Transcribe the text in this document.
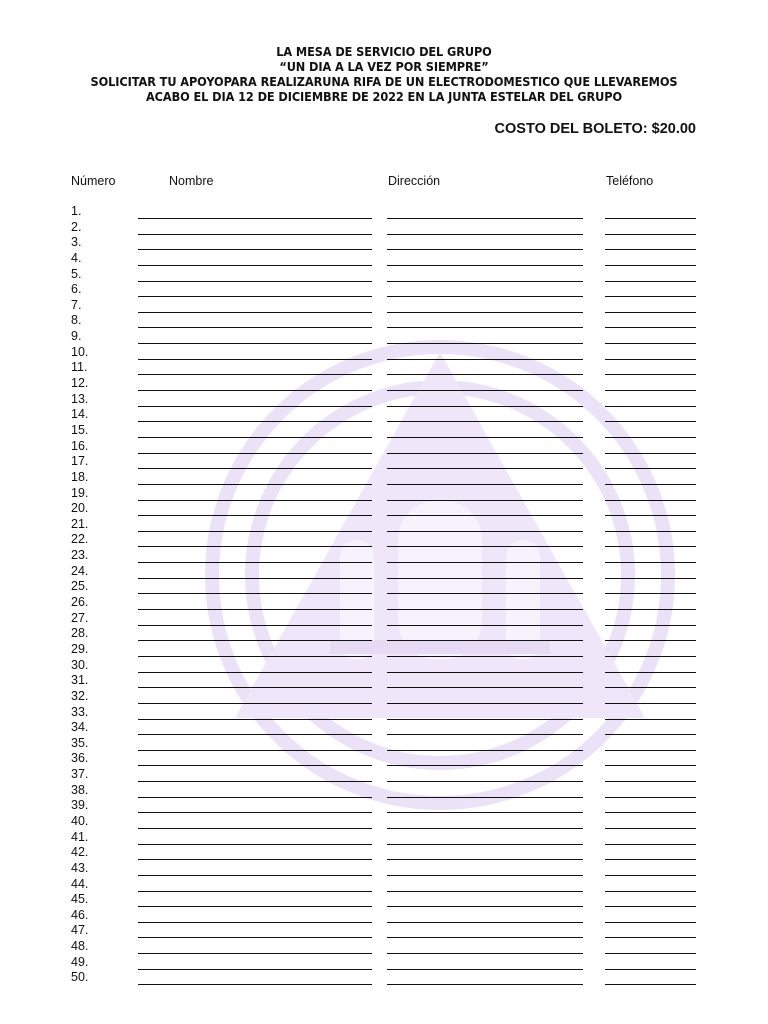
LA MESA DE SERVICIO DEL GRUPO
“UN DIA A LA VEZ POR SIEMPRE”
SOLICITAR TU APOYOPARA REALIZARUNA RIFA DE UN ELECTRODOMESTICO QUE LLEVAREMOS
ACABO EL DIA 12 DE DICIEMBRE DE 2022 EN LA JUNTA ESTELAR DEL GRUPO
COSTO DEL BOLETO: $20.00
Número	Nombre	Dirección	Teléfono
1.
2.
3.
4.
5.
6.
7.
8.
9.
10.
11.
12.
13.
14.
15.
16.
17.
18.
19.
20.
21.
22.
23.
24.
25.
26.
27.
28.
29.
30.
31.
32.
33.
34.
35.
36.
37.
38.
39.
40.
41.
42.
43.
44.
45.
46.
47.
48.
49.
50.
